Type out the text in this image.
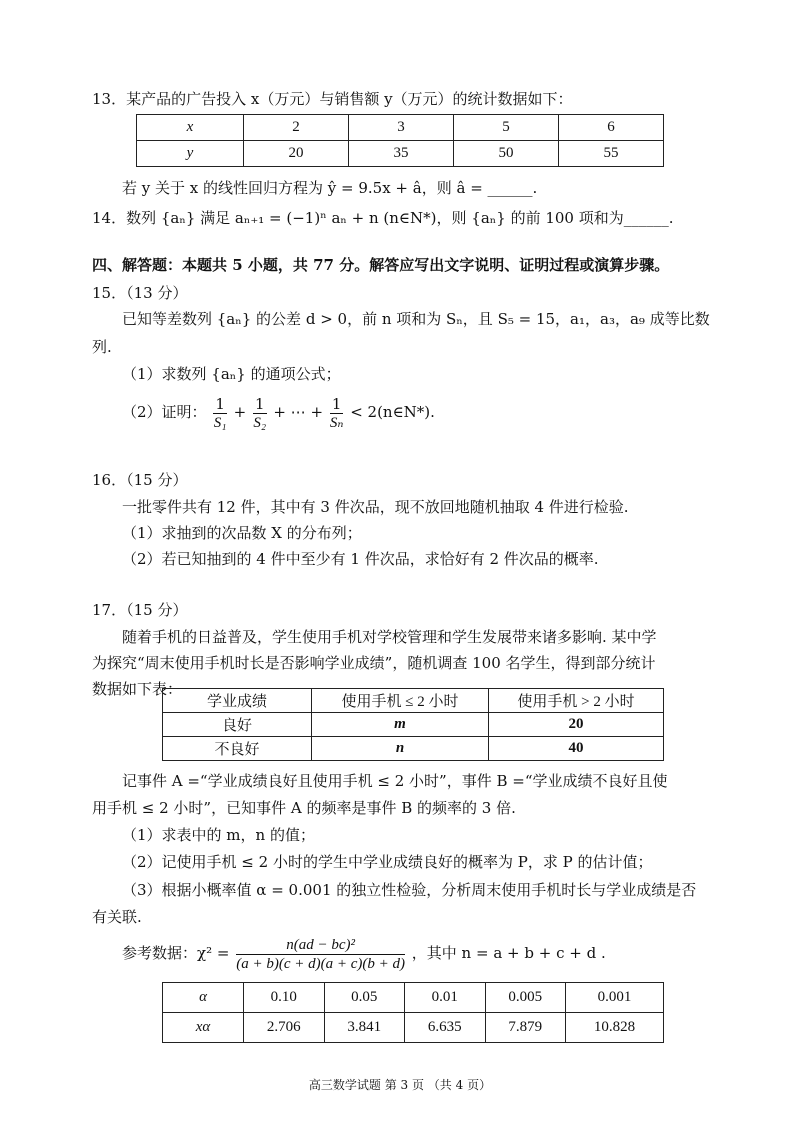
13．某产品的广告投入 x（万元）与销售额 y（万元）的统计数据如下：
x	2	3	5	6
y	20	35	50	55
若 y 关于 x 的线性回归方程为 ŷ = 9.5x + â，则 â = ______.
14．数列 {aₙ} 满足 aₙ₊₁ = (−1)ⁿ aₙ + n (n∈N*)，则 {aₙ} 的前 100 项和为______.
四、解答题：本题共 5 小题，共 77 分。解答应写出文字说明、证明过程或演算步骤。
15．（13 分）
已知等差数列 {aₙ} 的公差 d > 0，前 n 项和为 Sₙ，且 S₅ = 15，a₁，a₃，a₉ 成等比数
列.
（1）求数列 {aₙ} 的通项公式；
（2）证明： $\frac{1}{\text{S₁}} + \frac{1}{\text{S₂}}$ + ⋯ + $\frac{1}{\text{Sₙ}}$ < 2(n∈N*).
16．（15 分）
一批零件共有 12 件，其中有 3 件次品，现不放回地随机抽取 4 件进行检验.
（1）求抽到的次品数 X 的分布列；
（2）若已知抽到的 4 件中至少有 1 件次品，求恰好有 2 件次品的概率.
17．（15 分）
随着手机的日益普及，学生使用手机对学校管理和学生发展带来诸多影响. 某中学
为探究“周末使用手机时长是否影响学业成绩”，随机调查 100 名学生，得到部分统计
数据如下表：
学业成绩	使用手机 ≤ 2 小时	使用手机 > 2 小时
良好	m	20
不良好	n	40
记事件 A =“学业成绩良好且使用手机 ≤ 2 小时”，事件 B =“学业成绩不良好且使
用手机 ≤ 2 小时”，已知事件 A 的频率是事件 B 的频率的 3 倍.
（1）求表中的 m，n 的值；
（2）记使用手机 ≤ 2 小时的学生中学业成绩良好的概率为 P，求 P 的估计值；
（3）根据小概率值 α = 0.001 的独立性检验，分析周末使用手机时长与学业成绩是否
有关联.
参考数据：$\chi^2 = \frac{\text{n(ad − bc)²}}{(a + b)(c + d)(a + c)(b + d)}$ ，其中 n = a + b + c + d .
α	0.10	0.05	0.01	0.005	0.001
xα	2.706	3.841	6.635	7.879	10.828
高三数学试题 第 3 页 （共 4 页）
